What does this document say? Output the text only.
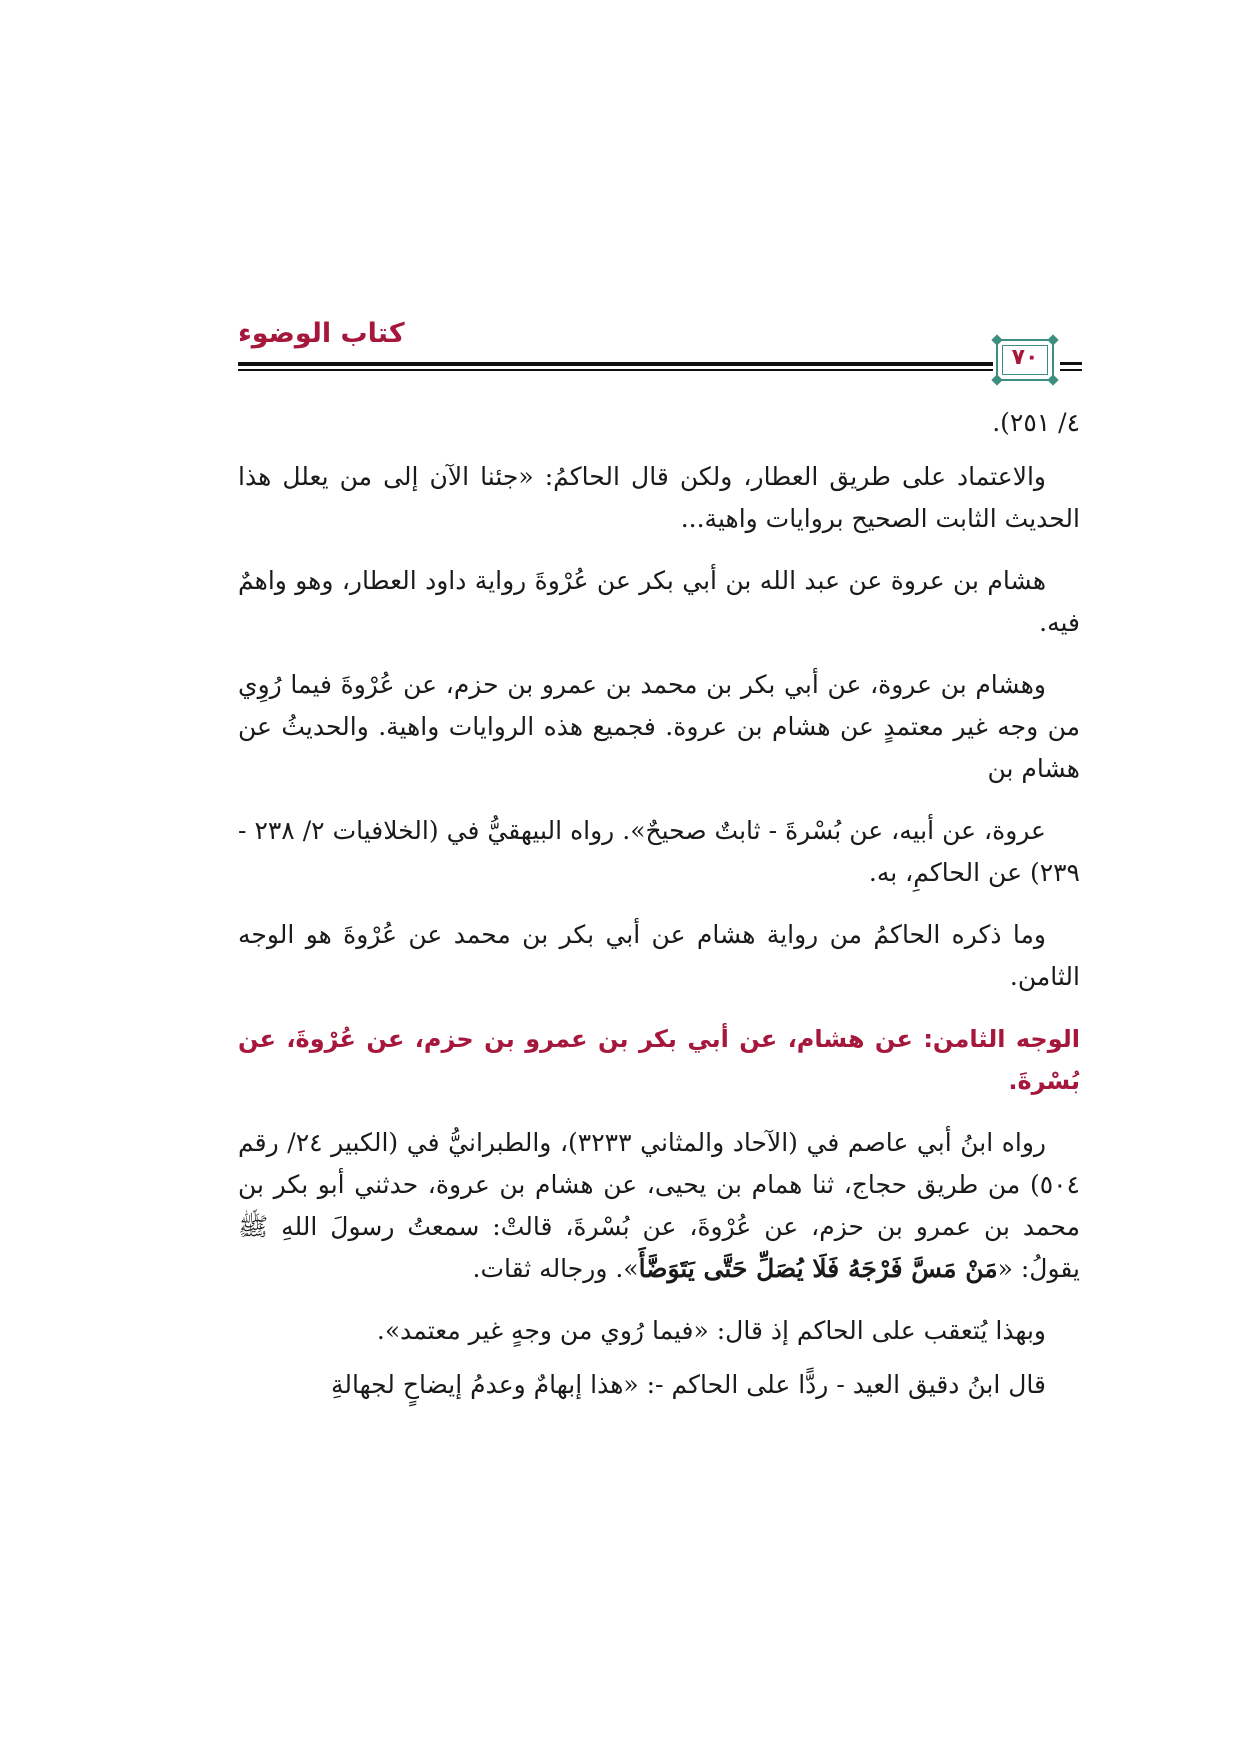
كتاب الوضوء
٧٠

٤/ ٢٥١).

والاعتماد على طريق العطار، ولكن قال الحاكمُ: «جئنا الآن إلى من يعلل هذا الحديث الثابت الصحيح بروايات واهية...

هشام بن عروة عن عبد الله بن أبي بكر عن عُرْوةَ رواية داود العطار، وهو واهمٌ فيه.

وهشام بن عروة، عن أبي بكر بن محمد بن عمرو بن حزم، عن عُرْوةَ فيما رُوِي من وجه غير معتمدٍ عن هشام بن عروة. فجميع هذه الروايات واهية. والحديثُ عن هشام بن

عروة، عن أبيه، عن بُسْرةَ - ثابتٌ صحيحٌ». رواه البيهقيُّ في (الخلافيات ٢/ ٢٣٨ - ٢٣٩) عن الحاكمِ، به.

وما ذكره الحاكمُ من رواية هشام عن أبي بكر بن محمد عن عُرْوةَ هو الوجه الثامن.

الوجه الثامن: عن هشام، عن أبي بكر بن عمرو بن حزم، عن عُرْوةَ، عن بُسْرةَ.

رواه ابنُ أبي عاصم في (الآحاد والمثاني ٣٢٣٣)، والطبرانيُّ في (الكبير ٢٤/ رقم ٥٠٤) من طريق حجاج، ثنا همام بن يحيى، عن هشام بن عروة، حدثني أبو بكر بن محمد بن عمرو بن حزم، عن عُرْوةَ، عن بُسْرةَ، قالتْ: سمعتُ رسولَ اللهِ ﷺ يقولُ: «مَنْ مَسَّ فَرْجَهُ فَلَا يُصَلِّ حَتَّى يَتَوَضَّأَ». ورجاله ثقات.

وبهذا يُتعقب على الحاكم إذ قال: «فيما رُوي من وجهٍ غير معتمد».

قال ابنُ دقيق العيد - ردًّا على الحاكم -: «هذا إبهامٌ وعدمُ إيضاحٍ لجهالةِ
